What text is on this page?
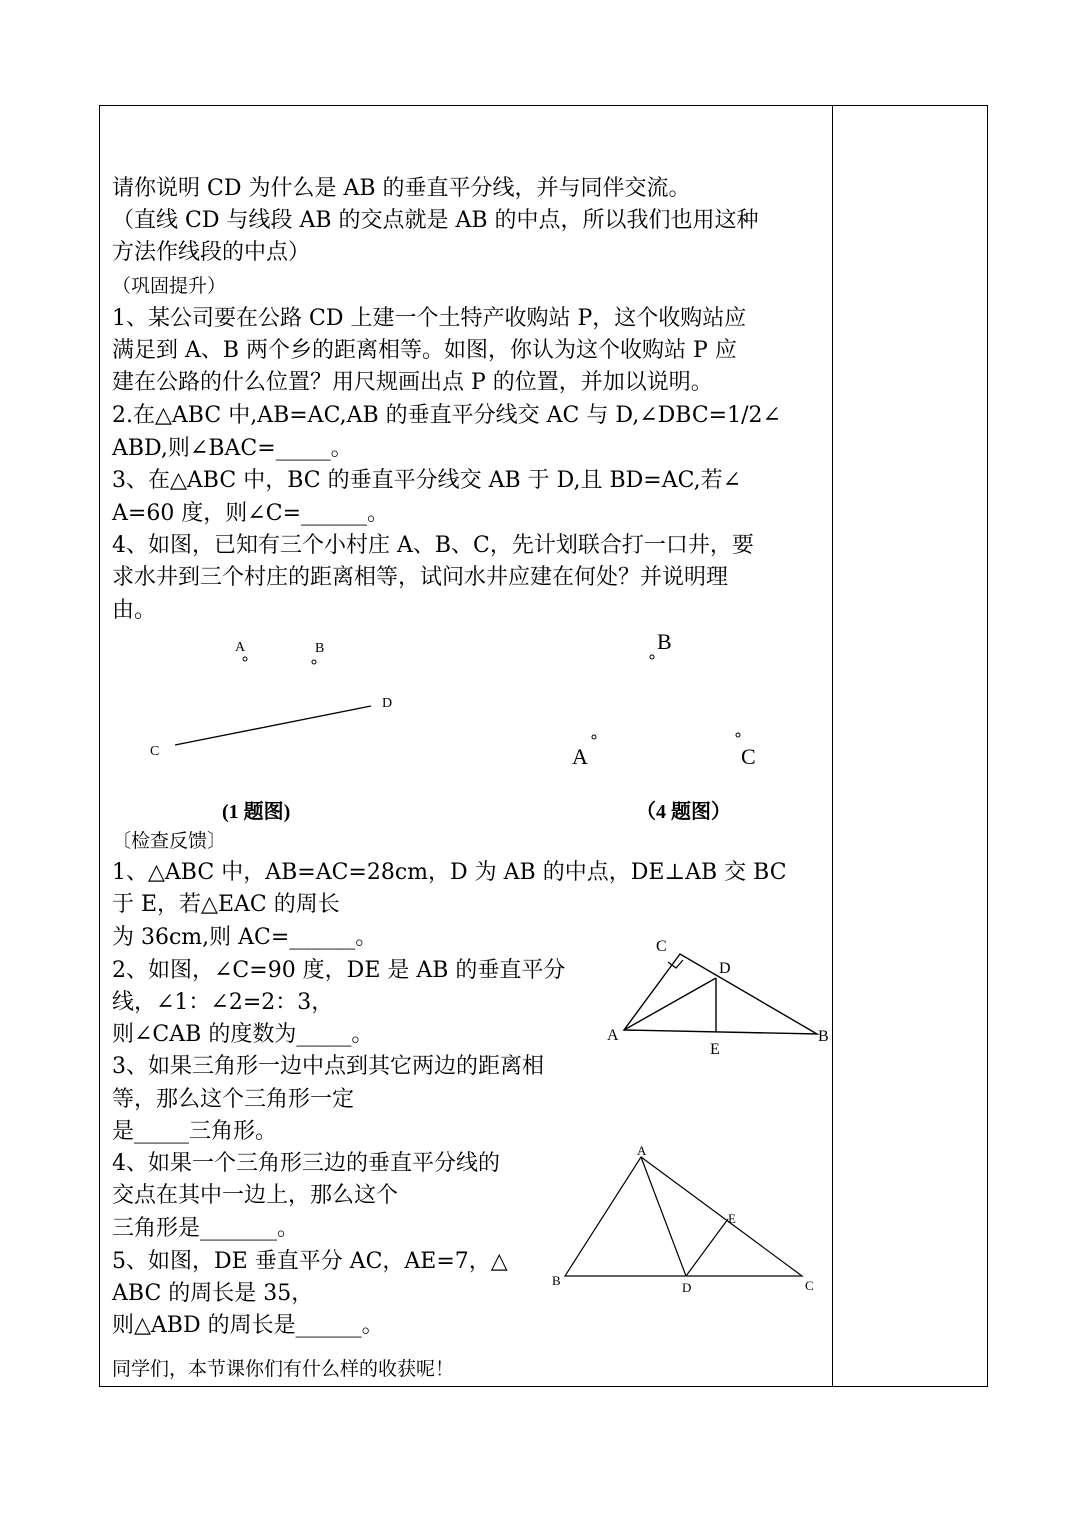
请你说明 CD 为什么是 AB 的垂直平分线，并与同伴交流。
（直线 CD 与线段 AB 的交点就是 AB 的中点，所以我们也用这种
方法作线段的中点）
（巩固提升）
1、某公司要在公路 CD 上建一个土特产收购站 P，这个收购站应
满足到 A、B 两个乡的距离相等。如图，你认为这个收购站 P 应
建在公路的什么位置？用尺规画出点 P 的位置，并加以说明。
2.在△ABC 中,AB=AC,AB 的垂直平分线交 AC 与 D,∠DBC=1/2∠
ABD,则∠BAC=_____。
3、在△ABC 中，BC 的垂直平分线交 AB 于 D,且 BD=AC,若∠
A=60 度，则∠C=______。
4、如图，已知有三个小村庄 A、B、C，先计划联合打一口井，要
求水井到三个村庄的距离相等，试问水井应建在何处？并说明理
由。
A	B
C
D
B
A	C
C
D
A	B
E
A
E
B	D	C
(1 题图)	（4 题图）
〔检查反馈〕
1、△ABC 中，AB=AC=28cm，D 为 AB 的中点，DE⊥AB 交 BC
于 E，若△EAC 的周长
为 36cm,则 AC=______。
2、如图，∠C=90 度，DE 是 AB 的垂直平分
线，∠1：∠2=2：3，
则∠CAB 的度数为_____。
3、如果三角形一边中点到其它两边的距离相
等，那么这个三角形一定
是_____三角形。
4、如果一个三角形三边的垂直平分线的
交点在其中一边上，那么这个
三角形是_______。
5、如图，DE 垂直平分 AC，AE=7，△
ABC 的周长是 35，
则△ABD 的周长是______。
同学们，本节课你们有什么样的收获呢！
